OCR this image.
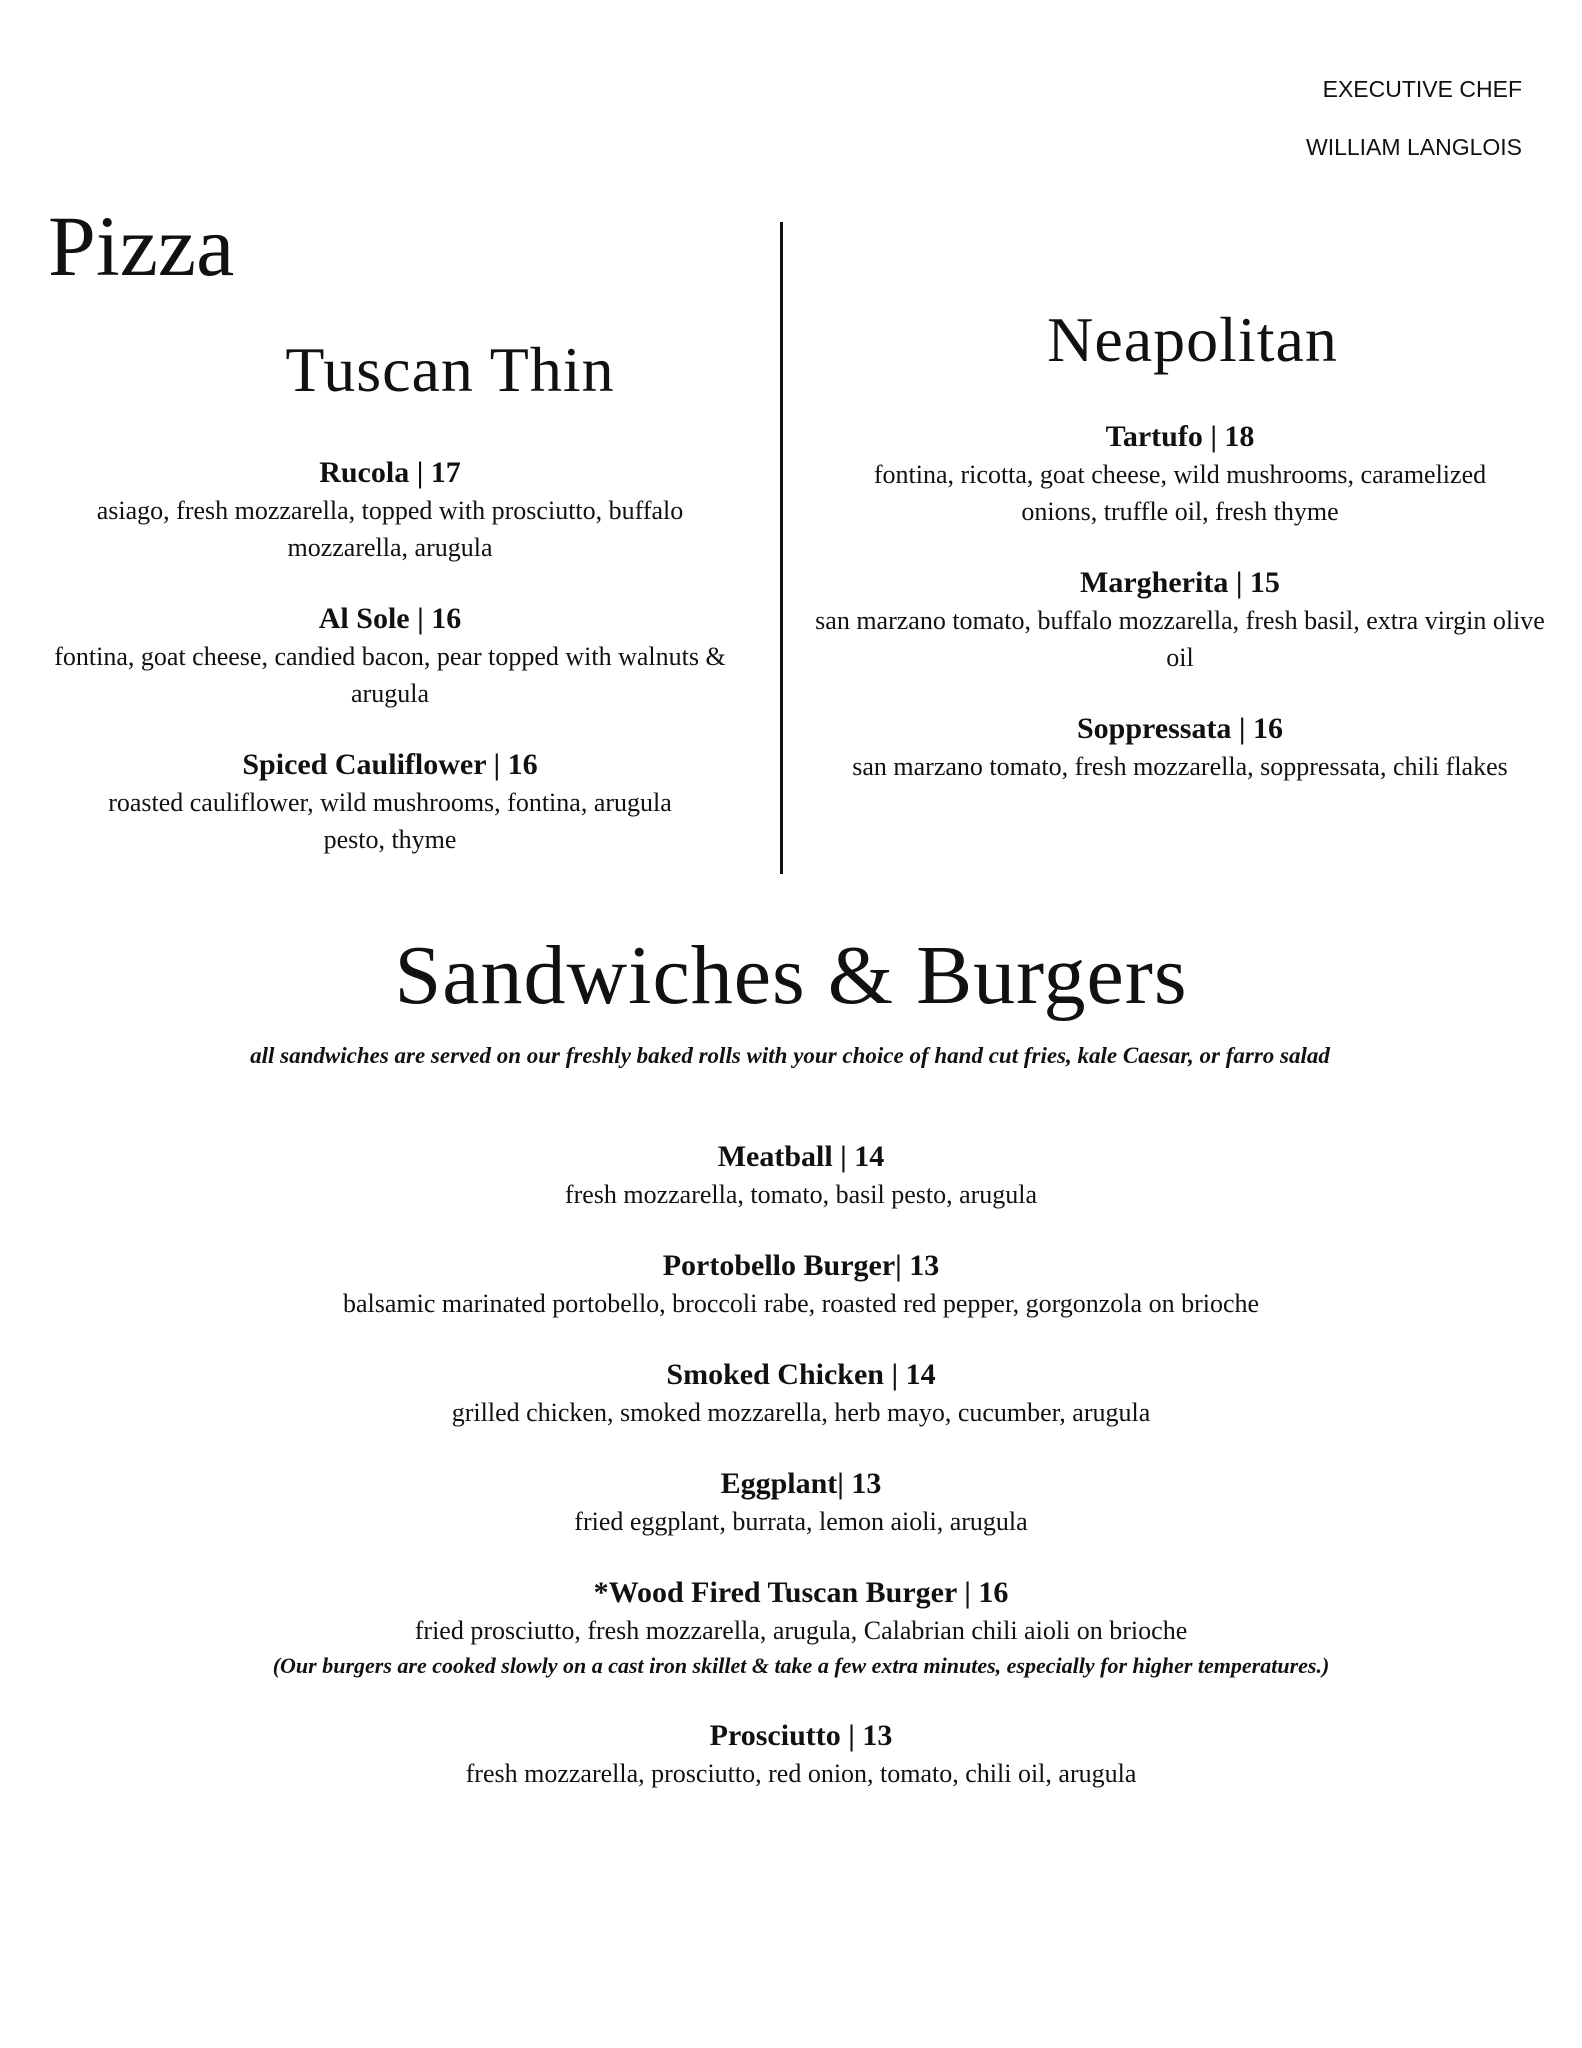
EXECUTIVE CHEF
WILLIAM LANGLOIS
Pizza
Tuscan Thin
Rucola | 17
asiago, fresh mozzarella, topped with prosciutto, buffalo mozzarella, arugula
Al Sole | 16
fontina, goat cheese, candied bacon, pear topped with walnuts & arugula
Spiced Cauliflower | 16
roasted cauliflower, wild mushrooms, fontina, arugula pesto, thyme
Neapolitan
Tartufo | 18
fontina, ricotta, goat cheese, wild mushrooms, caramelized onions, truffle oil, fresh thyme
Margherita | 15
san marzano tomato, buffalo mozzarella, fresh basil, extra virgin olive oil
Soppressata | 16
san marzano tomato, fresh mozzarella, soppressata, chili flakes
Sandwiches & Burgers
all sandwiches are served on our freshly baked rolls with your choice of hand cut fries, kale Caesar, or farro salad
Meatball | 14
fresh mozzarella, tomato, basil pesto, arugula
Portobello Burger| 13
balsamic marinated portobello, broccoli rabe, roasted red pepper, gorgonzola on brioche
Smoked Chicken | 14
grilled chicken, smoked mozzarella, herb mayo, cucumber, arugula
Eggplant| 13
fried eggplant, burrata, lemon aioli, arugula
*Wood Fired Tuscan Burger | 16
fried prosciutto, fresh mozzarella, arugula, Calabrian chili aioli on brioche
(Our burgers are cooked slowly on a cast iron skillet & take a few extra minutes, especially for higher temperatures.)
Prosciutto | 13
fresh mozzarella, prosciutto, red onion, tomato, chili oil, arugula
